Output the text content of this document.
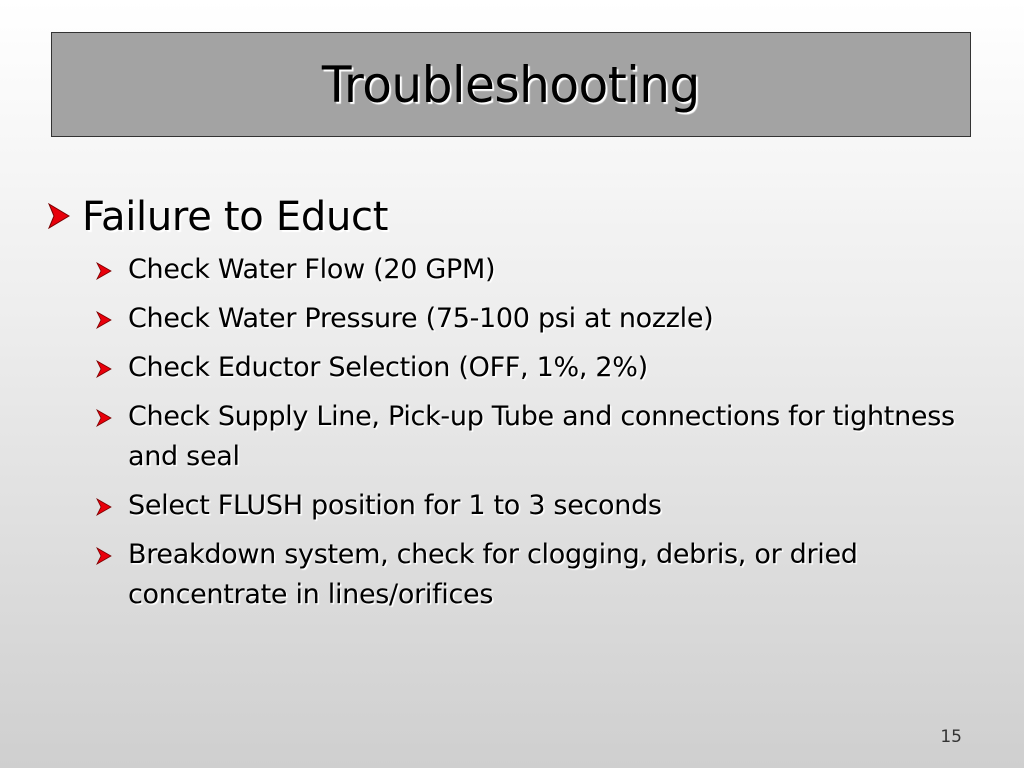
Troubleshooting
Failure to Educt
Check Water Flow (20 GPM)
Check Water Pressure (75-100 psi at nozzle)
Check Eductor Selection (OFF, 1%, 2%)
Check Supply Line, Pick-up Tube and connections for tightness and seal
Select FLUSH position for 1 to 3 seconds
Breakdown system, check for clogging, debris, or dried concentrate in lines/orifices
15
